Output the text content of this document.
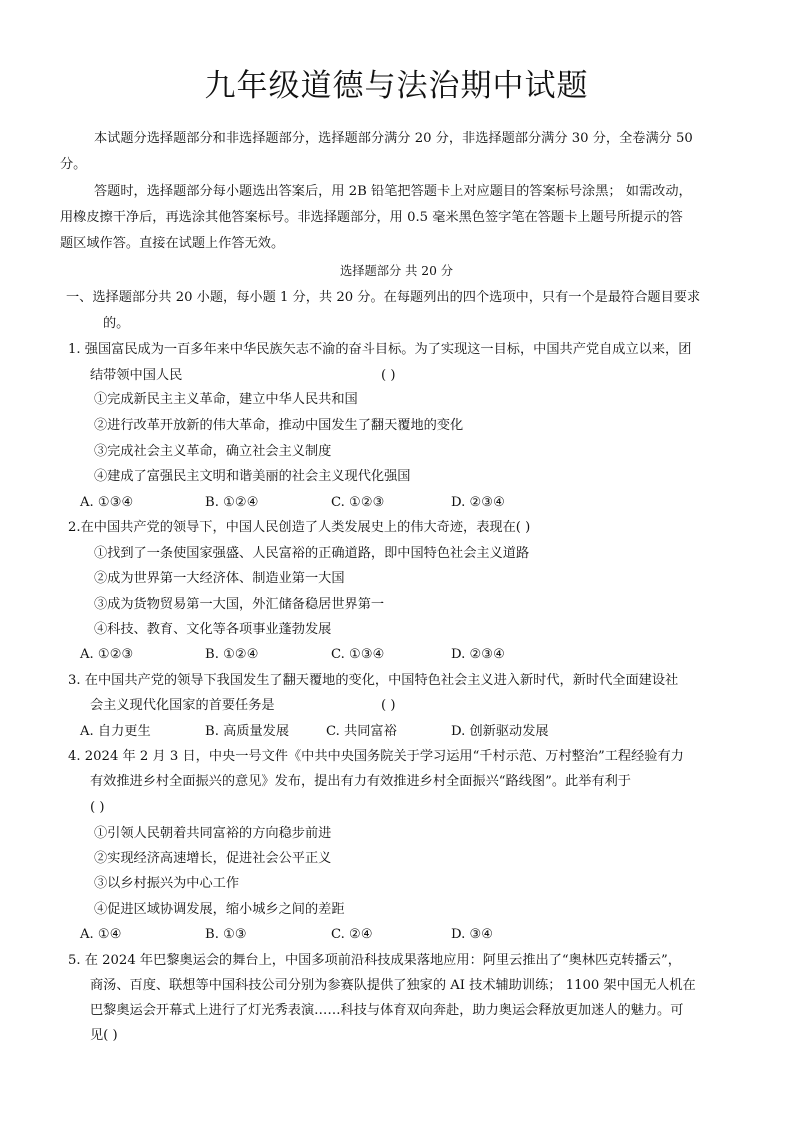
九年级道德与法治期中试题
本试题分选择题部分和非选择题部分，选择题部分满分 20 分，非选择题部分满分 30 分，全卷满分 50
分。
答题时，选择题部分每小题选出答案后，用 2B 铅笔把答题卡上对应题目的答案标号涂黑； 如需改动，
用橡皮擦干净后，再选涂其他答案标号。非选择题部分，用 0.5 毫米黑色签字笔在答题卡上题号所提示的答
题区域作答。直接在试题上作答无效。
选择题部分 共 20 分
一、选择题部分共 20 小题，每小题 1 分，共 20 分。在每题列出的四个选项中，只有一个是最符合题目要求
的。
1. 强国富民成为一百多年来中华民族矢志不渝的奋斗目标。为了实现这一目标，中国共产党自成立以来，团
结带领中国人民	( )
①完成新民主主义革命，建立中华人民共和国
②进行改革开放新的伟大革命，推动中国发生了翻天覆地的变化
③完成社会主义革命，确立社会主义制度
④建成了富强民主文明和谐美丽的社会主义现代化强国
A. ①③④	B. ①②④	C. ①②③	D. ②③④
2.在中国共产党的领导下，中国人民创造了人类发展史上的伟大奇迹，表现在( )
①找到了一条使国家强盛、人民富裕的正确道路，即中国特色社会主义道路
②成为世界第一大经济体、制造业第一大国
③成为货物贸易第一大国，外汇储备稳居世界第一
④科技、教育、文化等各项事业蓬勃发展
A. ①②③	B. ①②④	C. ①③④	D. ②③④
3. 在中国共产党的领导下我国发生了翻天覆地的变化，中国特色社会主义进入新时代，新时代全面建设社
会主义现代化国家的首要任务是	( )
A. 自力更生	B. 高质量发展	C. 共同富裕	D. 创新驱动发展
4. 2024 年 2 月 3 日，中央一号文件《中共中央国务院关于学习运用“千村示范、万村整治”工程经验有力
有效推进乡村全面振兴的意见》发布，提出有力有效推进乡村全面振兴“路线图”。此举有利于
( )
①引领人民朝着共同富裕的方向稳步前进
②实现经济高速增长，促进社会公平正义
③以乡村振兴为中心工作
④促进区域协调发展，缩小城乡之间的差距
A. ①④	B. ①③	C. ②④	D. ③④
5. 在 2024 年巴黎奥运会的舞台上，中国多项前沿科技成果落地应用：阿里云推出了“奥林匹克转播云”，
商汤、百度、联想等中国科技公司分别为参赛队提供了独家的 AI 技术辅助训练； 1100 架中国无人机在
巴黎奥运会开幕式上进行了灯光秀表演……科技与体育双向奔赴，助力奥运会释放更加迷人的魅力。可
见( )
